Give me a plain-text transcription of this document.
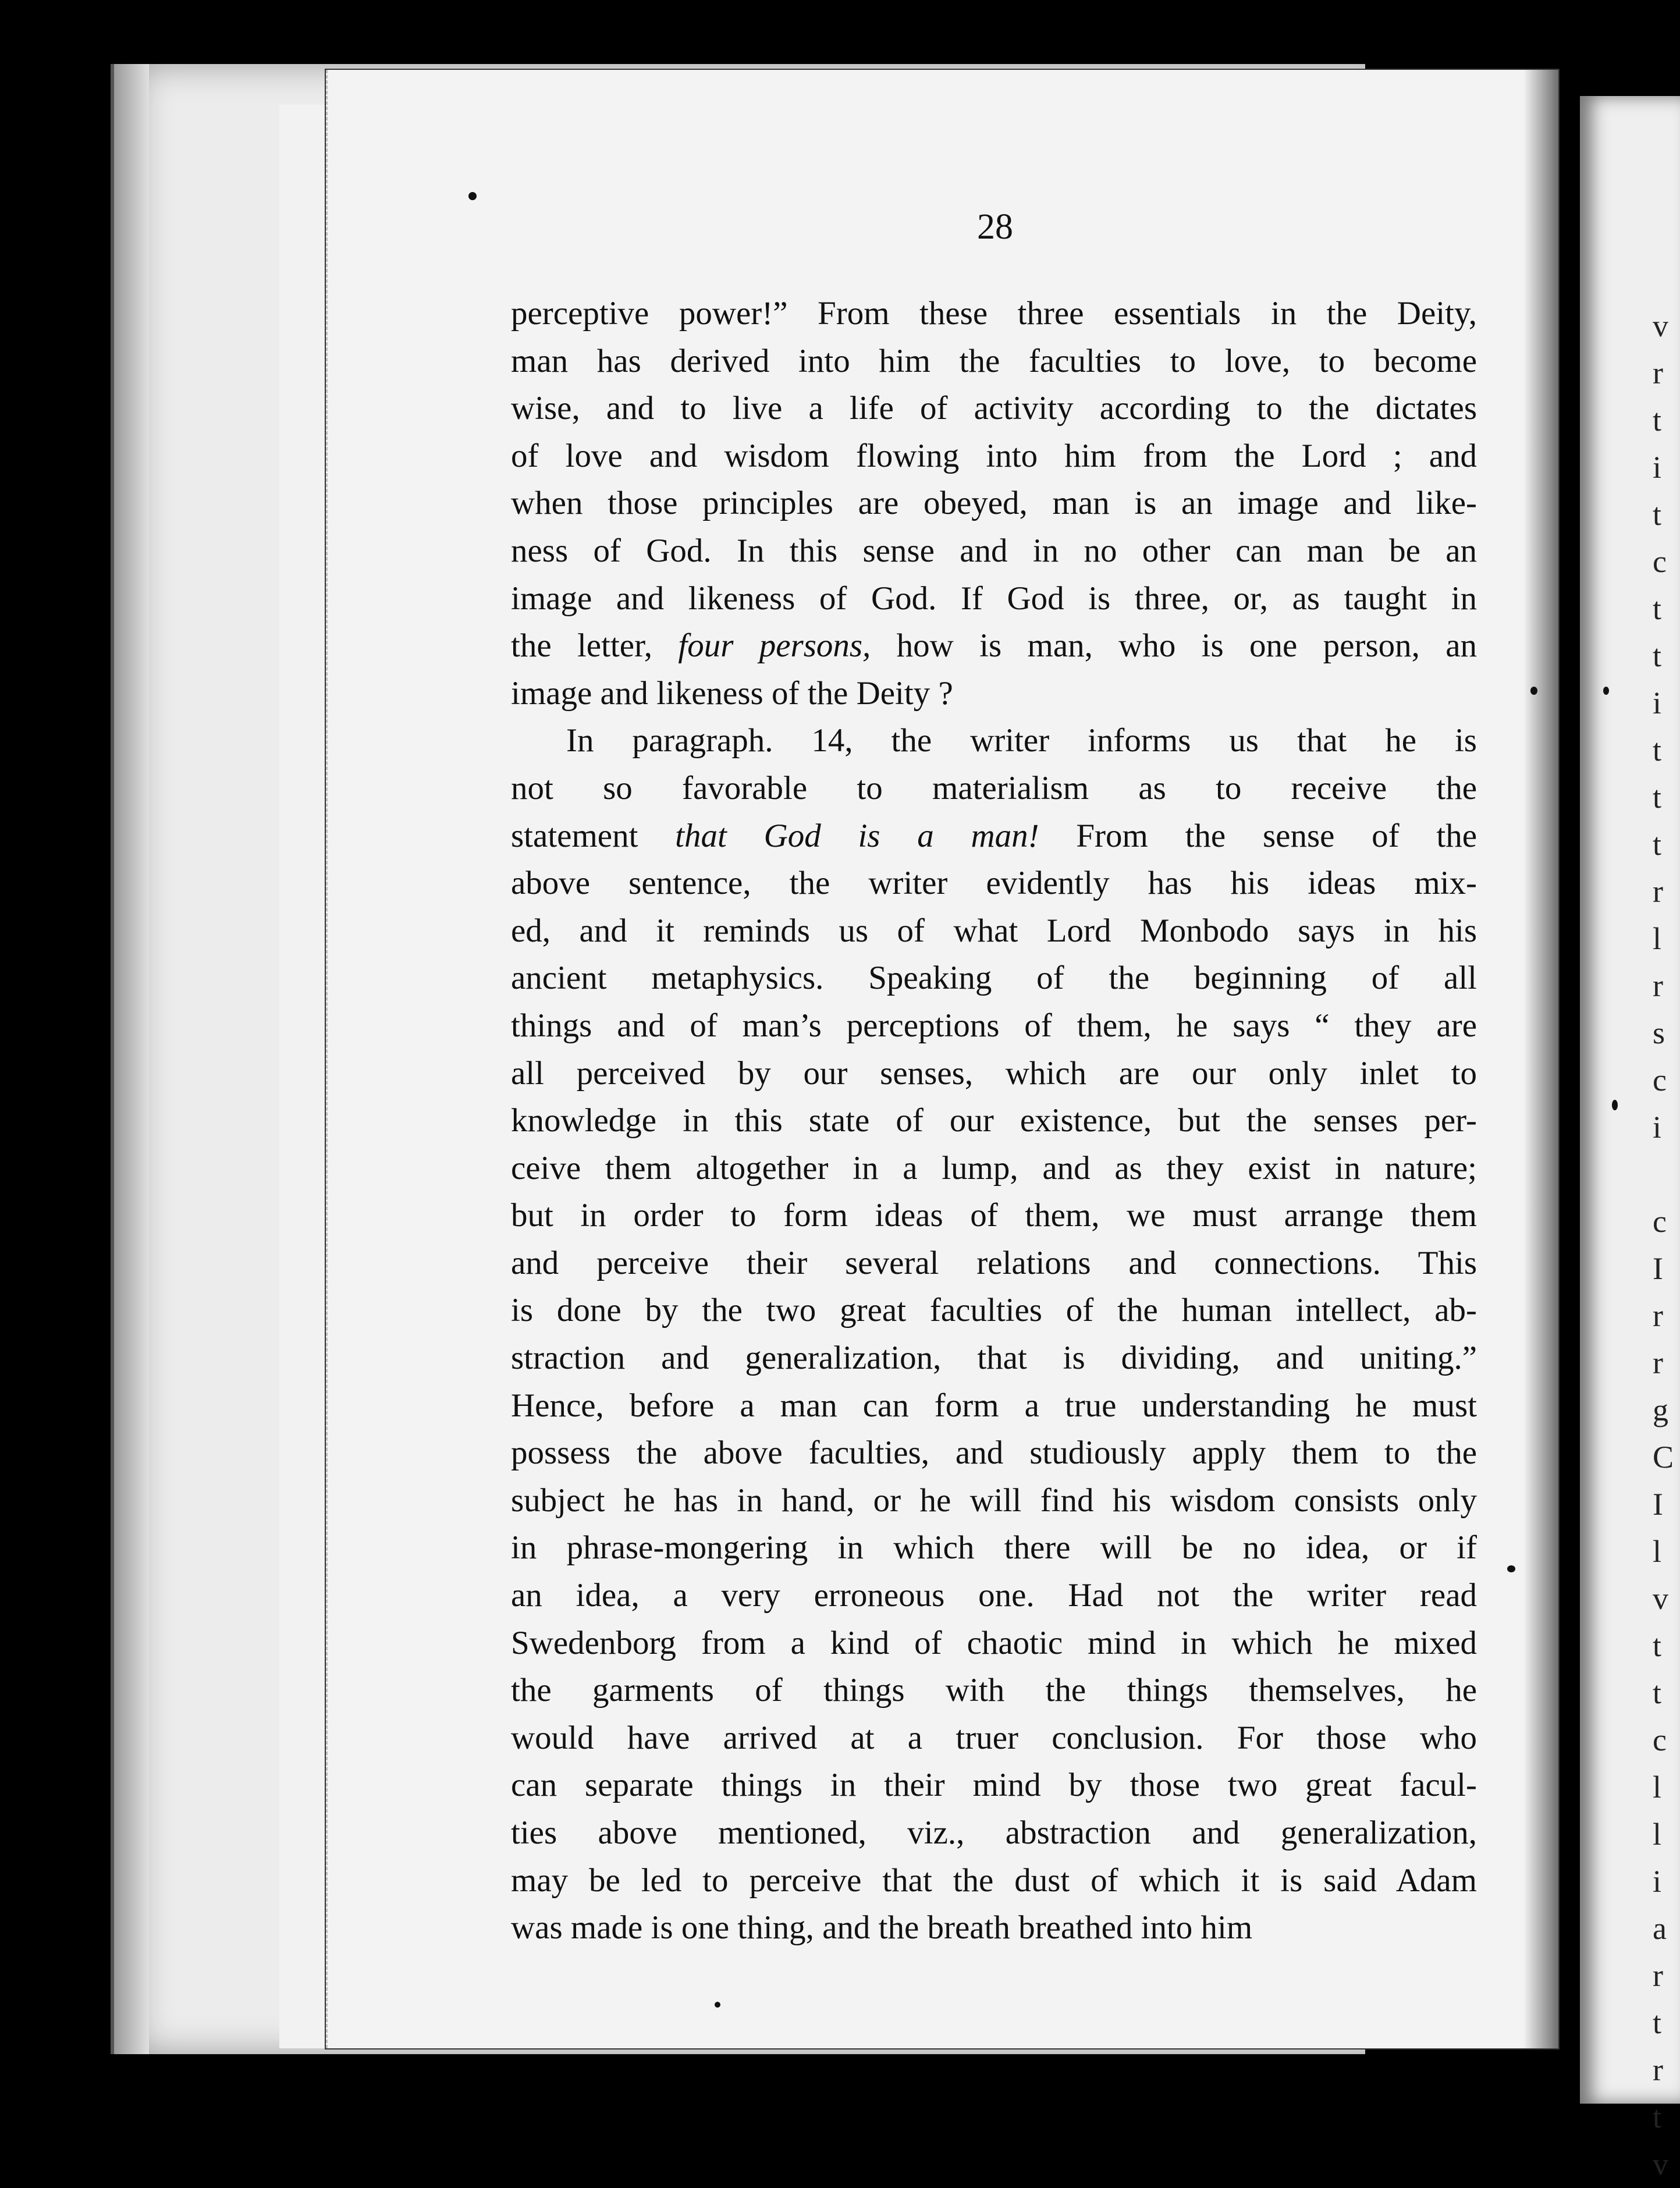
v
r
t
i
t
c
t
t
i
t
t
t
r
l
r
s
c
i

c
I
r
r
g
C
I
l
v
t
t
c
l
l
i
a
r
t
r
t
v
28
perceptive power!” From these three essentials in the Deity,
man has derived into him the faculties to love, to become
wise, and to live a life of activity according to the dictates
of love and wisdom flowing into him from the Lord ; and
when those principles are obeyed, man is an image and like-
ness of God. In this sense and in no other can man be an
image and likeness of God. If God is three, or, as taught in
the letter, four persons, how is man, who is one person, an
image and likeness of the Deity ?
In paragraph. 14, the writer informs us that he is
not so favorable to materialism as to receive the
statement that God is a man! From the sense of the
above sentence, the writer evidently has his ideas mix-
ed, and it reminds us of what Lord Monbodo says in his
ancient metaphysics. Speaking of the beginning of all
things and of man’s perceptions of them, he says “ they are
all perceived by our senses, which are our only inlet to
knowledge in this state of our existence, but the senses per-
ceive them altogether in a lump, and as they exist in nature;
but in order to form ideas of them, we must arrange them
and perceive their several relations and connections. This
is done by the two great faculties of the human intellect, ab-
straction and generalization, that is dividing, and uniting.”
Hence, before a man can form a true understanding he must
possess the above faculties, and studiously apply them to the
subject he has in hand, or he will find his wisdom consists only
in phrase-mongering in which there will be no idea, or if
an idea, a very erroneous one. Had not the writer read
Swedenborg from a kind of chaotic mind in which he mixed
the garments of things with the things themselves, he
would have arrived at a truer conclusion. For those who
can separate things in their mind by those two great facul-
ties above mentioned, viz., abstraction and generalization,
may be led to perceive that the dust of which it is said Adam
was made is one thing, and the breath breathed into him
